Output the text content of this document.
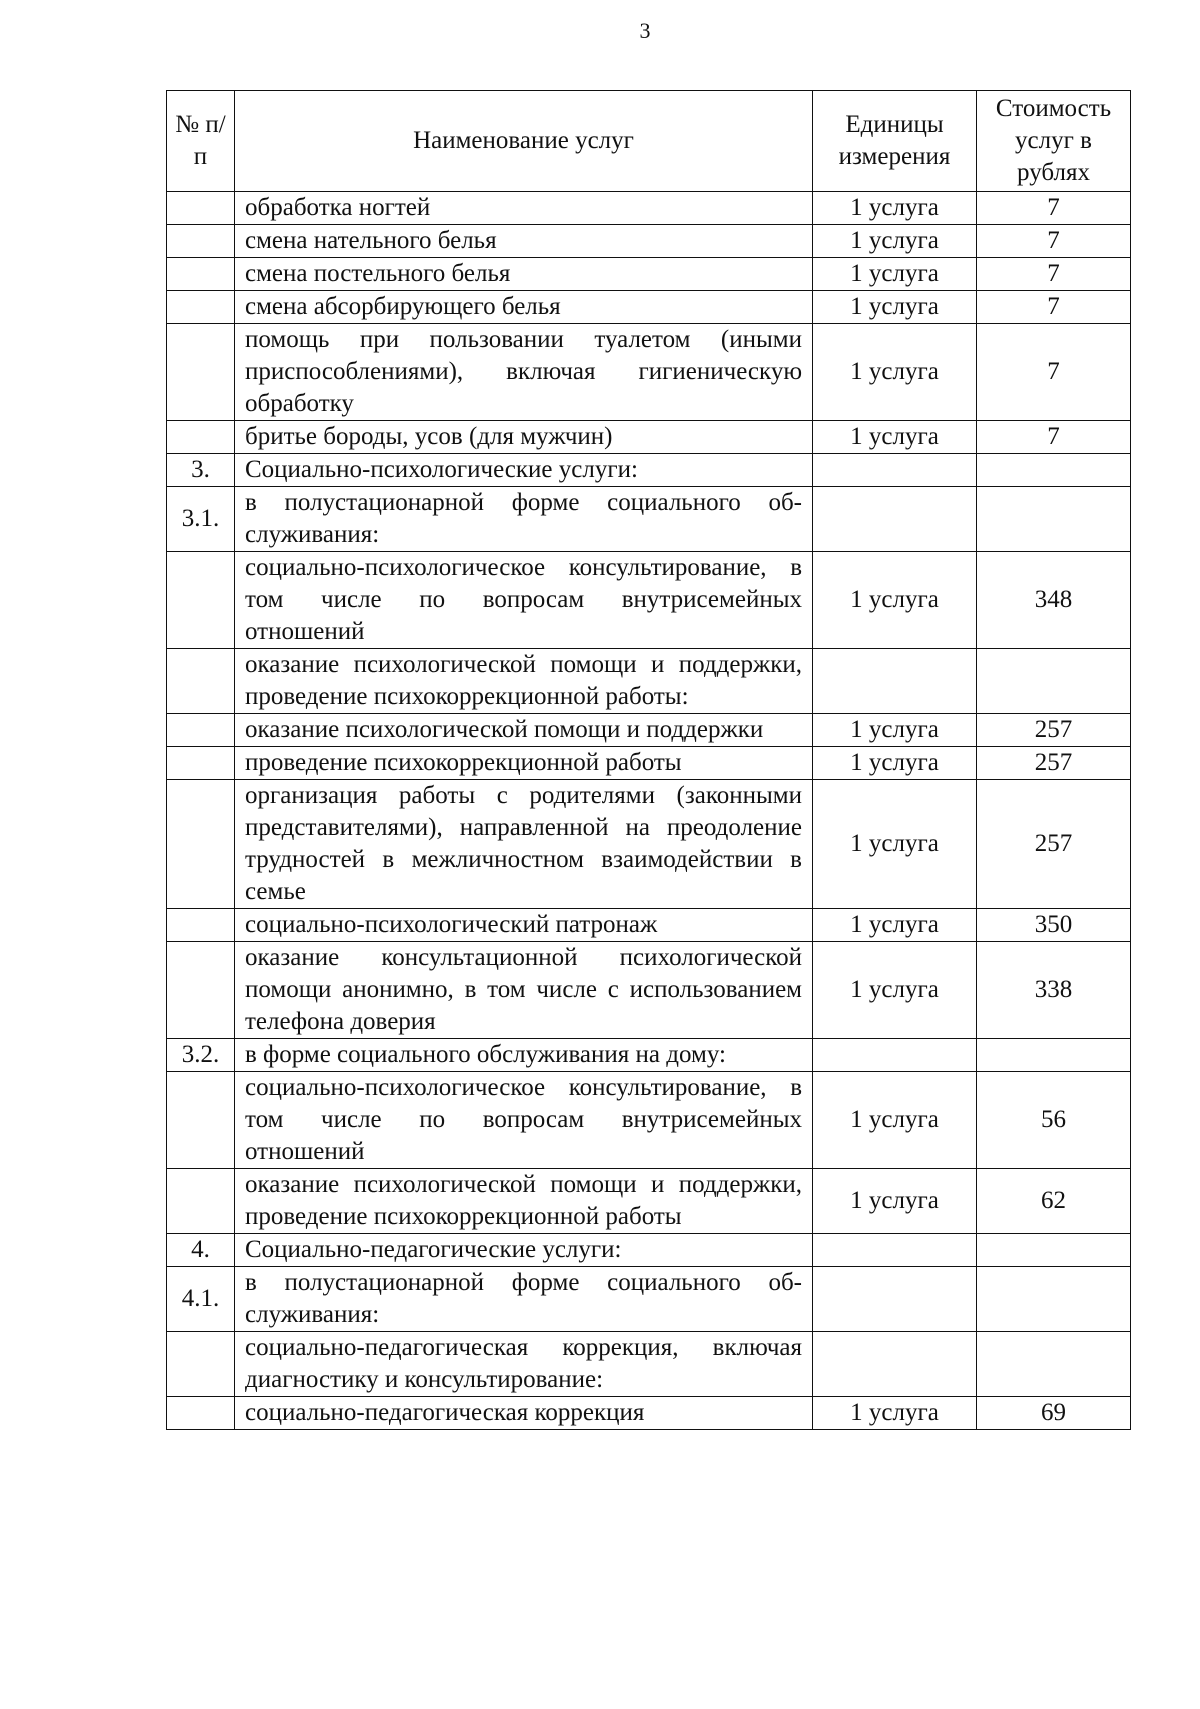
3
№ п/п	Наименование услуг	Единицы измерения	Стоимость услуг в рублях
	обработка ногтей	1 услуга	7
	смена нательного белья	1 услуга	7
	смена постельного белья	1 услуга	7
	смена абсорбирующего белья	1 услуга	7
	помощь при пользовании туалетом (иными приспособлениями), включая гигиеническую обработку	1 услуга	7
	бритье бороды, усов (для мужчин)	1 услуга	7
3.	Социально-психологические услуги:		
3.1.	в полустационарной форме социального обслуживания:		
	социально-психологическое консультирование, в том числе по вопросам внутрисемейных отношений	1 услуга	348
	оказание психологической помощи и поддержки, проведение психокоррекционной работы:		
	оказание психологической помощи и поддержки	1 услуга	257
	проведение психокоррекционной работы	1 услуга	257
	организация работы с родителями (законными представителями), направленной на преодоление трудностей в межличностном взаимодействии в семье	1 услуга	257
	социально-психологический патронаж	1 услуга	350
	оказание консультационной психологической помощи анонимно, в том числе с использованием телефона доверия	1 услуга	338
3.2.	в форме социального обслуживания на дому:		
	социально-психологическое консультирование, в том числе по вопросам внутрисемейных отношений	1 услуга	56
	оказание психологической помощи и поддержки, проведение психокоррекционной работы	1 услуга	62
4.	Социально-педагогические услуги:		
4.1.	в полустационарной форме социального обслуживания:		
	социально-педагогическая коррекция, включая диагностику и консультирование:		
	социально-педагогическая коррекция	1 услуга	69
